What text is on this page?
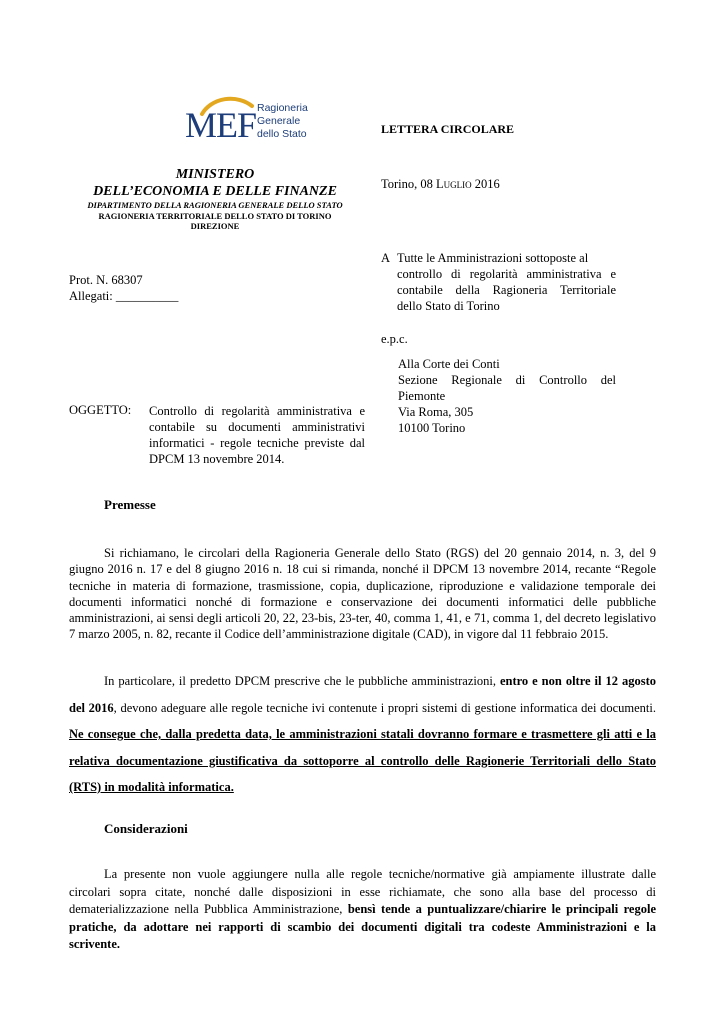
MEF Ragioneria
Generale
dello Stato	LETTERA CIRCOLARE
MINISTERO
DELL’ECONOMIA E DELLE FINANZE
DIPARTIMENTO DELLA RAGIONERIA GENERALE DELLO STATO
RAGIONERIA TERRITORIALE DELLO STATO DI TORINO
DIREZIONE
Torino, 08 Luglio 2016
A Tutte le Amministrazioni sottoposte al
controllo di regolarità amministrativa e
contabile della Ragioneria Territoriale
dello Stato di Torino
Prot. N. 68307
Allegati: __________
e.p.c.
Alla Corte dei Conti
Sezione Regionale di Controllo del
Piemonte
Via Roma, 305
10100 Torino
OGGETTO: Controllo di regolarità amministrativa e contabile su documenti amministrativi informatici - regole tecniche previste dal DPCM 13 novembre 2014.
Premesse
Si richiamano, le circolari della Ragioneria Generale dello Stato (RGS) del 20 gennaio 2014, n. 3, del 9 giugno 2016 n. 17 e del 8 giugno 2016 n. 18 cui si rimanda, nonché il DPCM 13 novembre 2014, recante “Regole tecniche in materia di formazione, trasmissione, copia, duplicazione, riproduzione e validazione temporale dei documenti informatici nonché di formazione e conservazione dei documenti informatici delle pubbliche amministrazioni, ai sensi degli articoli 20, 22, 23-bis, 23-ter, 40, comma 1, 41, e 71, comma 1, del decreto legislativo 7 marzo 2005, n. 82, recante il Codice dell’amministrazione digitale (CAD), in vigore dal 11 febbraio 2015.
In particolare, il predetto DPCM prescrive che le pubbliche amministrazioni, entro e non oltre il 12 agosto del 2016, devono adeguare alle regole tecniche ivi contenute i propri sistemi di gestione informatica dei documenti. Ne consegue che, dalla predetta data, le amministrazioni statali dovranno formare e trasmettere gli atti e la relativa documentazione giustificativa da sottoporre al controllo delle Ragionerie Territoriali dello Stato (RTS) in modalità informatica.
Considerazioni
La presente non vuole aggiungere nulla alle regole tecniche/normative già ampiamente illustrate dalle circolari sopra citate, nonché dalle disposizioni in esse richiamate, che sono alla base del processo di dematerializzazione nella Pubblica Amministrazione, bensì tende a puntualizzare/chiarire le principali regole pratiche, da adottare nei rapporti di scambio dei documenti digitali tra codeste Amministrazioni e la scrivente.
